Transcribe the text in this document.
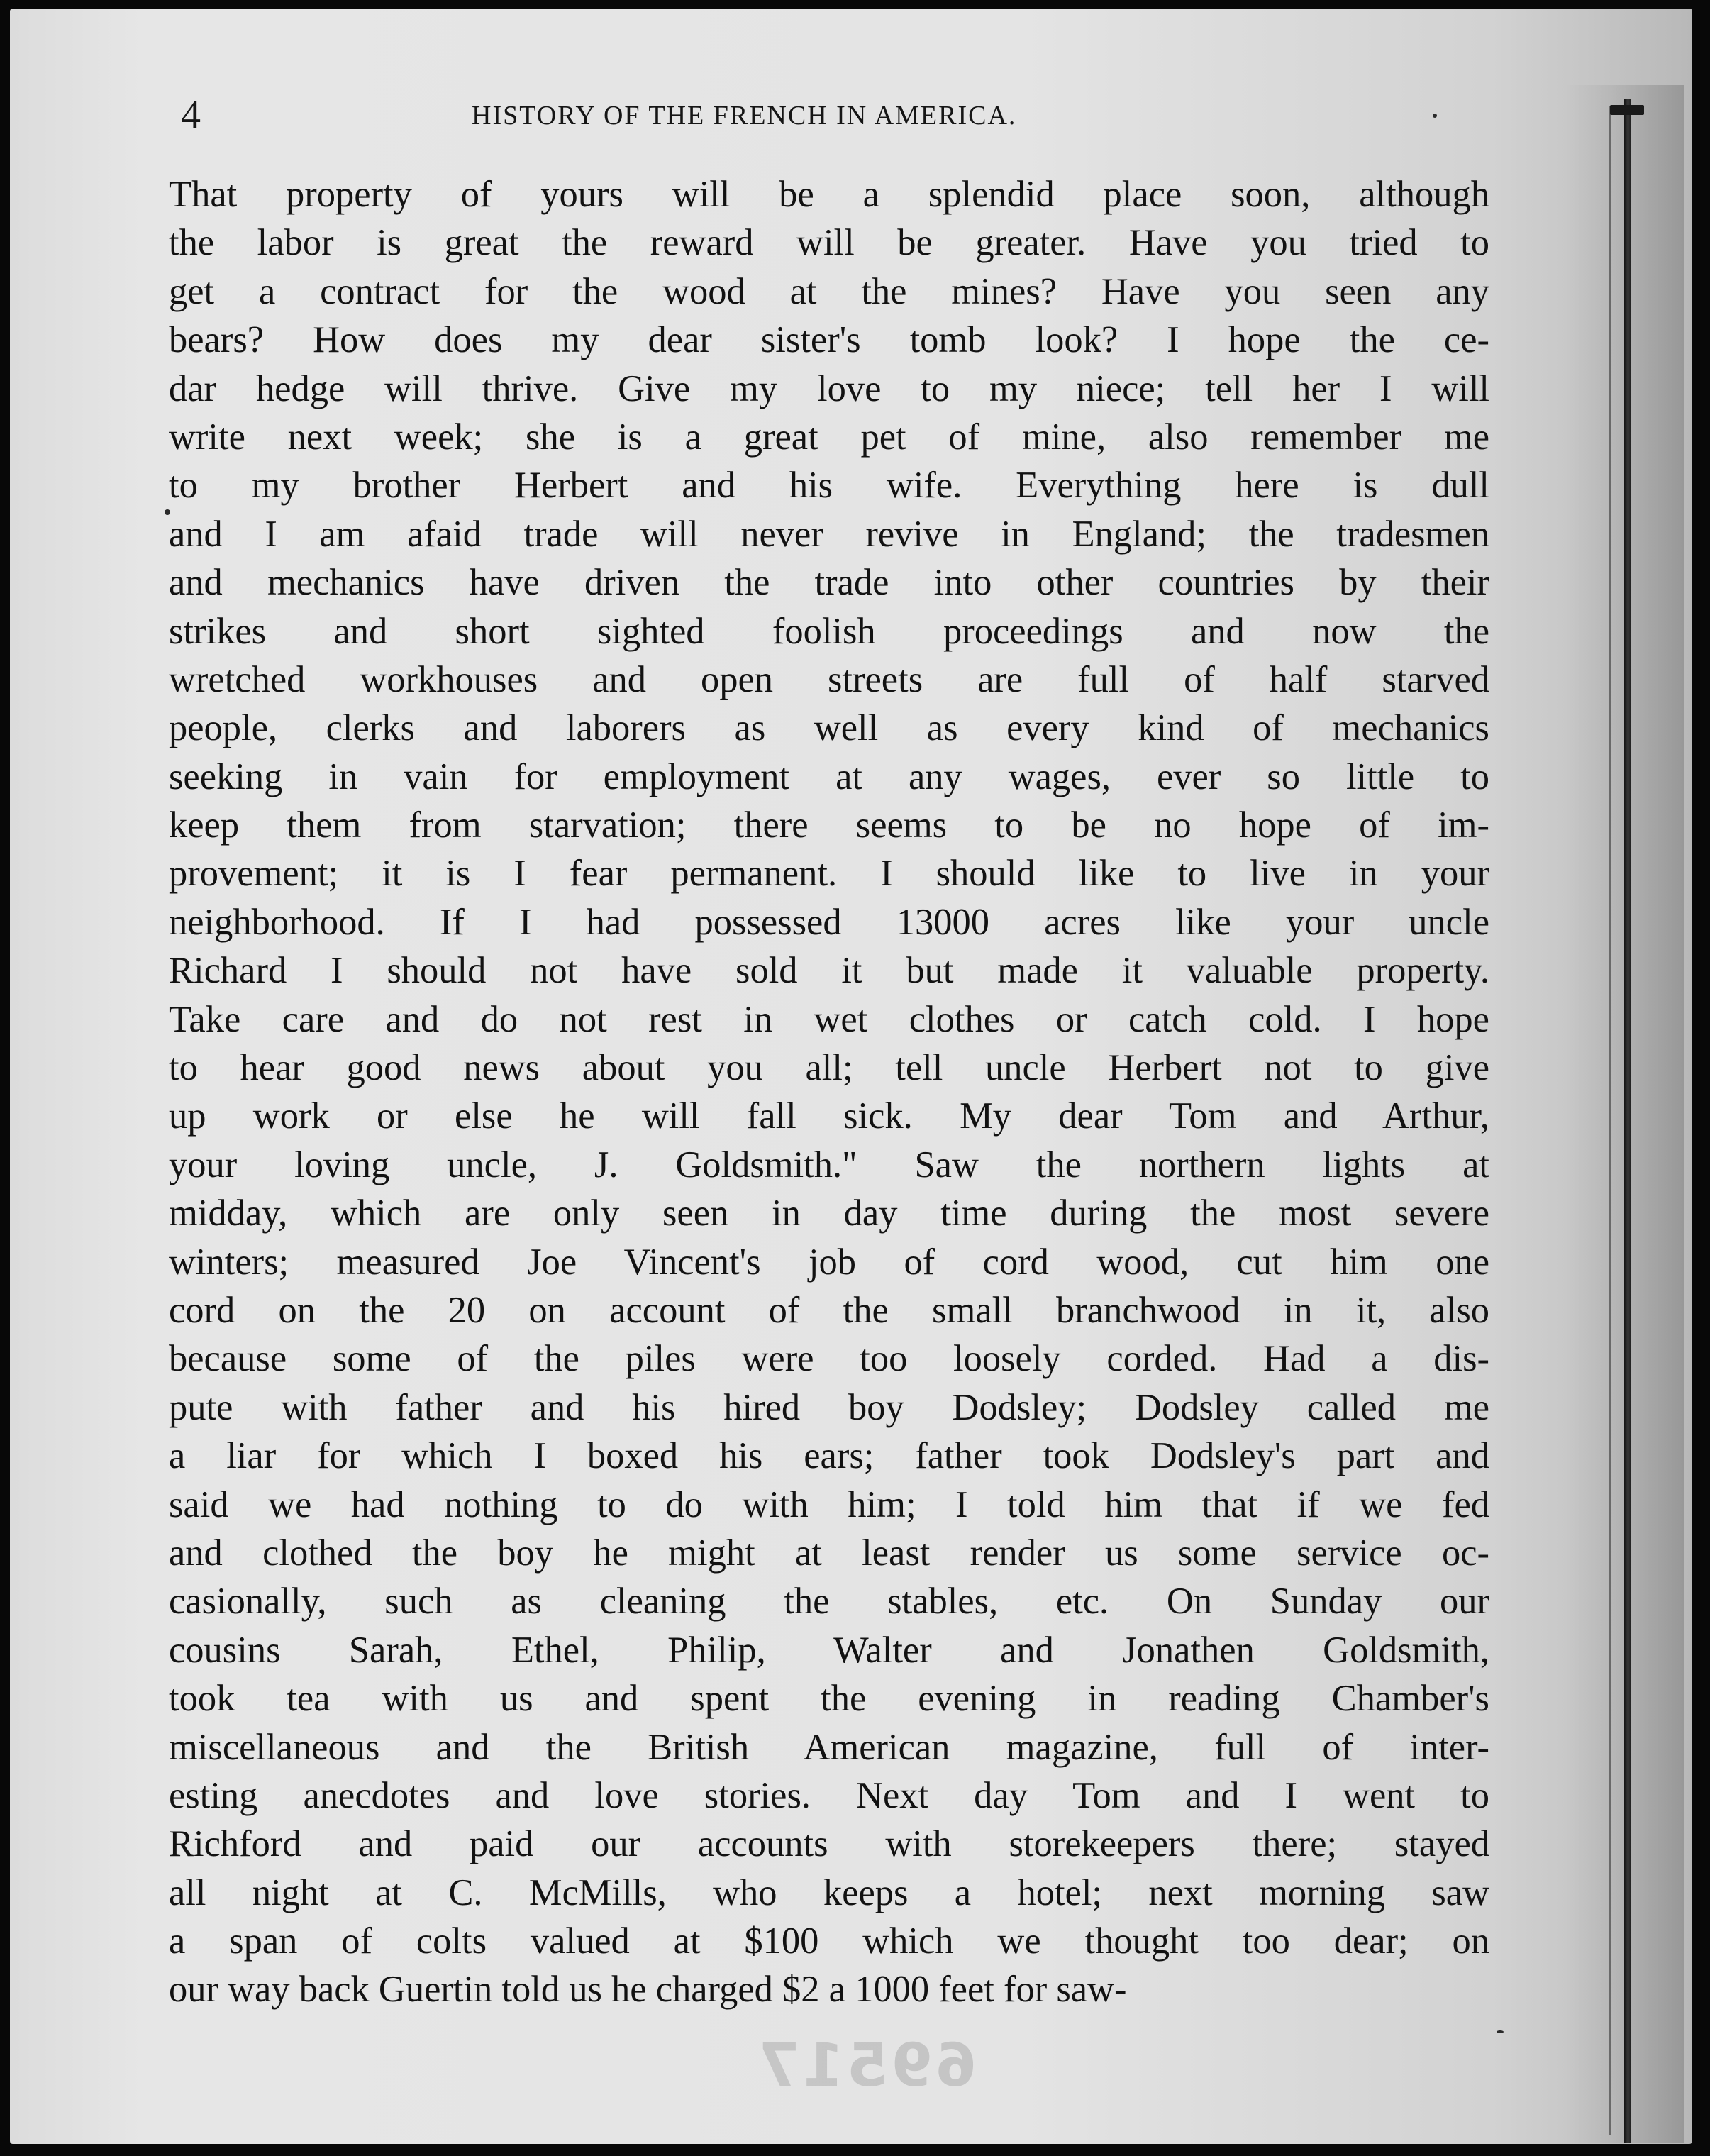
4	HISTORY OF THE FRENCH IN AMERICA.
That property of yours will be a splendid place soon, although
the labor is great the reward will be greater. Have you tried to
get a contract for the wood at the mines? Have you seen any
bears? How does my dear sister's tomb look? I hope the ce-
dar hedge will thrive. Give my love to my niece; tell her I will
write next week; she is a great pet of mine, also remember me
to my brother Herbert and his wife. Everything here is dull
and I am afaid trade will never revive in England; the tradesmen
and mechanics have driven the trade into other countries by their
strikes and short sighted foolish proceedings and now the
wretched workhouses and open streets are full of half starved
people, clerks and laborers as well as every kind of mechanics
seeking in vain for employment at any wages, ever so little to
keep them from starvation; there seems to be no hope of im-
provement; it is I fear permanent. I should like to live in your
neighborhood. If I had possessed 13000 acres like your uncle
Richard I should not have sold it but made it valuable property.
Take care and do not rest in wet clothes or catch cold. I hope
to hear good news about you all; tell uncle Herbert not to give
up work or else he will fall sick. My dear Tom and Arthur,
your loving uncle, J. Goldsmith." Saw the northern lights at
midday, which are only seen in day time during the most severe
winters; measured Joe Vincent's job of cord wood, cut him one
cord on the 20 on account of the small branchwood in it, also
because some of the piles were too loosely corded. Had a dis-
pute with father and his hired boy Dodsley; Dodsley called me
a liar for which I boxed his ears; father took Dodsley's part and
said we had nothing to do with him; I told him that if we fed
and clothed the boy he might at least render us some service oc-
casionally, such as cleaning the stables, etc. On Sunday our
cousins Sarah, Ethel, Philip, Walter and Jonathen Goldsmith,
took tea with us and spent the evening in reading Chamber's
miscellaneous and the British American magazine, full of inter-
esting anecdotes and love stories. Next day Tom and I went to
Richford and paid our accounts with storekeepers there; stayed
all night at C. McMills, who keeps a hotel; next morning saw
a span of colts valued at $100 which we thought too dear; on
our way back Guertin told us he charged $2 a 1000 feet for saw-
69517
